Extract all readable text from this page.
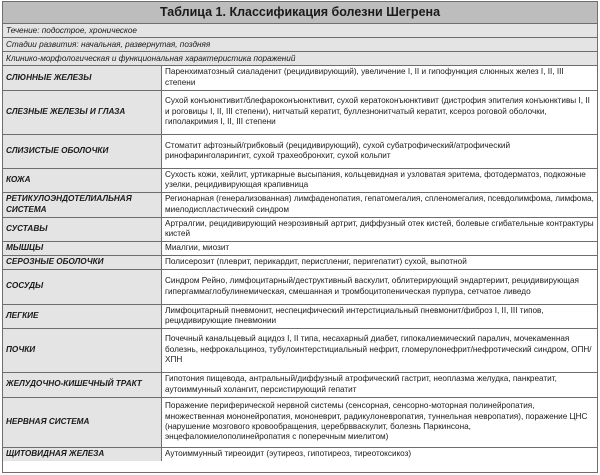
Таблица 1. Классификация болезни Шегрена
Течение: подострое, хроническое
Стадии развития: начальная, развернутая, поздняя
Клинико-морфологическая и функциональная характеристика поражений
СЛЮННЫЕ ЖЕЛЕЗЫ	Паренхиматозный сиаладенит (рецидивирующий), увеличение I, II и гипофункция слюнных желез I, II, III степени
СЛЕЗНЫЕ ЖЕЛЕЗЫ И ГЛАЗА	Сухой конъюнктивит/блефароконъюнктивит, сухой кератоконъюнктивит (дистрофия эпителия конъюнктивы I, II и роговицы I, II, III степени), нитчатый кератит, буллезнонитчатый кератит, ксероз роговой оболочки, гиполакримия I, II, III степени
СЛИЗИСТЫЕ ОБОЛОЧКИ	Стоматит афтозный/грибковый (рецидивирующий), сухой субатрофический/атрофический ринофаринголарингит, сухой трахеобронхит, сухой кольпит
КОЖА	Сухость кожи, хейлит, уртикарные высыпания, кольцевидная и узловатая эритема, фотодерматоз, подкожные узелки, рецидивирующая крапивница
РЕТИКУЛОЭНДОТЕЛИАЛЬНАЯ СИСТЕМА	Регионарная (генерализованная) лимфаденопатия, гепатомегалия, спленомегалия, псевдолимфома, лимфома, миелодиспластический синдром
СУСТАВЫ	Артралгии, рецидивирующий неэрозивный артрит, диффузный отек кистей, болевые сгибательные контрактуры кистей
МЫШЦЫ	Миалгии, миозит
СЕРОЗНЫЕ ОБОЛОЧКИ	Полисерозит (плеврит, перикардит, перисплениг, перигепатит) сухой, выпотной
СОСУДЫ	Синдром Рейно, лимфоцитарный/деструктивный васкулит, облитерирующий эндартериит, рецидивирующая гипергаммаглобулинемическая, смешанная и тромбоцитопеническая пурпура, сетчатое ливедо
ЛЕГКИЕ	Лимфоцитарный пневмонит, неспецифический интерстициальный пневмонит/фиброз I, II, III типов, рецидивирующие пневмонии
ПОЧКИ	Почечный канальцевый ацидоз I, II типа, несахарный диабет, гипокалиемический паралич, мочекаменная болезнь, нефрокальциноз, тубулоинтерстициальный нефрит, гломерулонефрит/нефротический синдром, ОПН/ХПН
ЖЕЛУДОЧНО-КИШЕЧНЫЙ ТРАКТ	Гипотония пищевода, антральный/диффузный атрофический гастрит, неоплазма желудка, панкреатит, аутоиммунный холангит, персистирующий гепатит
НЕРВНАЯ СИСТЕМА	Поражение периферической нервной системы (сенсорная, сенсорно-моторная полинейропатия, множественная мононейропатия, мононеврит, радикулоневропатия, туннельная невропатия), поражение ЦНС (нарушение мозгового кровообращения, церебрвваскулит, болезнь Паркинсона, энцефаломиелополинейропатия с поперечным миелитом)
ЩИТОВИДНАЯ ЖЕЛЕЗА	Аутоиммунный тиреоидит (эутиреоз, гипотиреоз, тиреотоксикоз)
